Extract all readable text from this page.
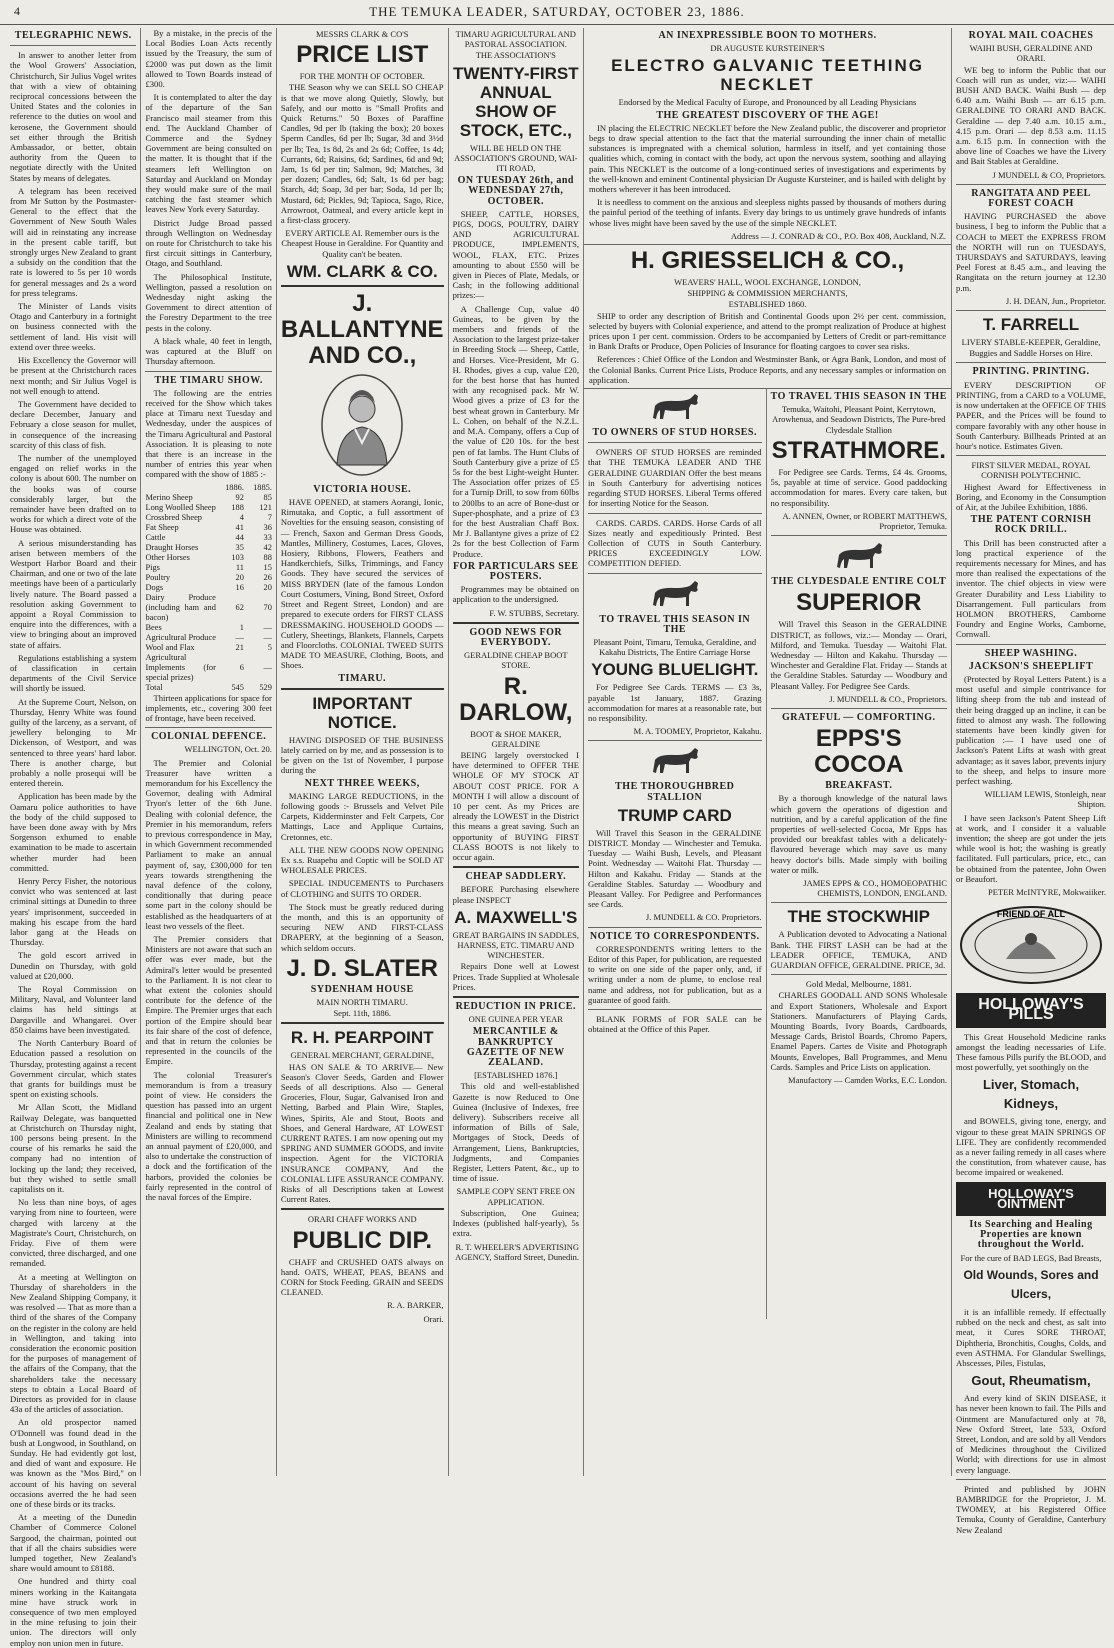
4	THE TEMUKA LEADER, SATURDAY, OCTOBER 23, 1886.
TELEGRAPHIC NEWS.

In answer to another letter from the Wool Growers' Association, Christchurch, Sir Julius Vogel writes that with a view of obtaining reciprocal concessions between the United States and the colonies in reference to the duties on wool and kerosene, the Government should set either through the British Ambassador, or better, obtain authority from the Queen to negotiate directly with the United States by means of delegates.

A telegram has been received from Mr Sutton by the Postmaster-General to the effect that the Government of New South Wales will aid in reinstating any increase in the present cable tariff, but strongly urges New Zealand to grant a subsidy on the condition that the rate is lowered to 5s per 10 words for general messages and 2s a word for press telegrams.

The Minister of Lands visits Otago and Canterbury in a fortnight on business connected with the settlement of land. His visit will extend over three weeks.

His Excellency the Governor will be present at the Christchurch races next month; and Sir Julius Vogel is not well enough to attend.

The Government have decided to declare December, January and February a close season for mullet, in consequence of the increasing scarcity of this class of fish.

The number of the unemployed engaged on relief works in the colony is about 600. The number on the books was of course considerably larger, but the remainder have been drafted on to works for which a direct vote of the House was obtained.

A serious misunderstanding has arisen between members of the Westport Harbor Board and their Chairman, and one or two of the late meetings have been of a particularly lively nature. The Board passed a resolution asking Government to appoint a Royal Commission to enquire into the differences, with a view to bringing about an improved state of affairs.

Regulations establishing a system of classification in certain departments of the Civil Service will shortly be issued.

At the Supreme Court, Nelson, on Thursday, Henry White was found guilty of the larceny, as a servant, of jewellery belonging to Mr Dickenson, of Westport, and was sentenced to three years' hard labor. There is another charge, but probably a nolle prosequi will be entered therein.

Application has been made by the Oamaru police authorities to have the body of the child supposed to have been done away with by Mrs Sorgenson exhumed to enable examination to be made to ascertain whether murder had been committed.

Henry Percy Fisher, the notorious convict who was sentenced at last criminal sittings at Dunedin to three years' imprisonment, succeeded in making his escape from the hard labor gang at the Heads on Thursday.

The gold escort arrived in Dunedin on Thursday, with gold valued at £20,000.

The Royal Commission on Military, Naval, and Volunteer land claims has held sittings at Dargaville and Whangarei. Over 850 claims have been investigated.

The North Canterbury Board of Education passed a resolution on Thursday, protesting against a recent Government circular, which states that grants for buildings must be spent on existing schools.

Mr Allan Scott, the Midland Railway Delegate, was banquetted at Christchurch on Thursday night, 100 persons being present. In the course of his remarks he said the company had no intention of locking up the land; they received, but they wished to settle small capitalists on it.

No less than nine boys, of ages varying from nine to fourteen, were charged with larceny at the Magistrate's Court, Christchurch, on Friday. Five of them were convicted, three discharged, and one remanded.

At a meeting at Wellington on Thursday of shareholders in the New Zealand Shipping Company, it was resolved — That as more than a third of the shares of the Company on the register in the colony are held in Wellington, and taking into consideration the economic position for the purposes of management of the affairs of the Company, that the shareholders take the necessary steps to obtain a Local Board of Directors as provided for in clause 43a of the articles of association.

An old prospector named O'Donnell was found dead in the bush at Longwood, in Southland, on Sunday. He had evidently got lost, and died of want and exposure. He was known as the "Mos Bird," on account of his having on several occasions averred the he had seen one of these birds or its tracks.

At a meeting of the Dunedin Chamber of Commerce Colonel Sargood, the chairman, pointed out that if all the chairs subsidies were lumped together, New Zealand's share would amount to £8188.

One hundred and thirty coal miners working in the Kaitangata mine have struck work in consequence of two men employed in the mine refusing to join their union. The directors will only employ non union men in future.

By a mistake, in the precis of the Local Bodies Loan Acts recently issued by the Treasury, the sum of £2000 was put down as the limit allowed to Town Boards instead of £300.

It is contemplated to alter the day of the departure of the San Francisco mail steamer from this end. The Auckland Chamber of Commerce and the Sydney Government are being consulted on the matter. It is thought that if the steamers left Wellington on Saturday and Auckland on Monday they would make sure of the mail catching the fast steamer which leaves New York every Saturday.

District Judge Broad passed through Wellington on Wednesday on route for Christchurch to take his first circuit sittings in Canterbury, Otago, and Southland.

The Philosophical Institute, Wellington, passed a resolution on Wednesday night asking the Government to direct attention of the Forestry Department to the tree pests in the colony.

A black whale, 40 feet in length, was captured at the Bluff on Thursday afternoon.

THE TIMARU SHOW.

The following are the entries received for the Show which takes place at Timaru next Tuesday and Wednesday, under the auspices of the Timaru Agricultural and Pastoral Association. It is pleasing to note that there is an increase in the number of entries this year when compared with the show of 1885 :-

	1886.	1885.
Merino Sheep	92	85
Long Woolled Sheep	188	121
Crossbred Sheep	4	7
Fat Sheep	41	36
Cattle	44	33
Draught Horses	35	42
Other Horses	103	88
Pigs	11	15
Poultry	20	26
Dogs	16	20
Dairy Produce (including ham and bacon)	62	70
Bees	1	—
Agricultural Produce	—	—
Wool and Flax	21	5
Agricultural Implements (for special prizes)	6	—
Total	545	529

Thirteen applications for space for implements, etc., covering 300 feet of frontage, have been received.

COLONIAL DEFENCE.
WELLINGTON, Oct. 20.

The Premier and Colonial Treasurer have written a memorandum for his Excellency the Governor, dealing with Admiral Tryon's letter of the 6th June. Dealing with colonial defence, the Premier in his memorandum, refers to previous correspondence in May, in which Government recommended Parliament to make an annual payment of, say, £300,000 for ten years towards strengthening the naval defence of the colony, conditionally that during peace some part in the colony should be established as the headquarters of at least two vessels of the fleet.

The Premier considers that Ministers are not aware that such an offer was ever made, but the Admiral's letter would be presented to the Parliament. It is not clear to what extent the colonies should contribute for the defence of the Empire. The Premier urges that each portion of the Empire should bear its fair share of the cost of defence, and that in return the colonies be represented in the councils of the Empire.

The colonial Treasurer's memorandum is from a treasury point of view. He considers the question has passed into an urgent financial and political one in New Zealand and ends by stating that Ministers are willing to recommend an annual payment of £20,000, and also to undertake the construction of a dock and the fortification of the harbors, provided the colonies be fairly represented in the control of the naval forces of the Empire.

MESSRS CLARK & CO'S
PRICE LIST
FOR THE MONTH OF OCTOBER.

THE Season why we can SELL SO CHEAP is that we move along Quietly, Slowly, but Safely, and our motto is "Small Profits and Quick Returns." 50 Boxes of Paraffine Candles, 9d per lb (taking the box); 20 boxes Sperm Candles, 6d per lb; Sugar, 3d and 3½d per lb; Tea, 1s 8d, 2s and 2s 6d; Coffee, 1s 4d; Currants, 6d; Raisins, 6d; Sardines, 6d and 9d; Jam, 1s 6d per tin; Salmon, 9d; Matches, 3d per dozen; Candles, 6d; Salt, 1s 6d per bag; Starch, 4d; Soap, 3d per bar; Soda, 1d per lb; Mustard, 6d; Pickles, 9d; Tapioca, Sago, Rice, Arrowroot, Oatmeal, and every article kept in a first-class grocery.

EVERY ARTICLE AI. Remember ours is the Cheapest House in Geraldine. For Quantity and Quality can't be beaten.
WM. CLARK & CO.
J. BALLANTYNE AND CO.,
VICTORIA HOUSE.

HAVE OPENED, at stamers Aorangi, Ionic, Rimutaka, and Coptic, a full assortment of Novelties for the ensuing season, consisting of — French, Saxon and German Dress Goods, Mantles, Millinery, Costumes, Laces, Gloves, Hosiery, Ribbons, Flowers, Feathers and Handkerchiefs, Silks, Trimmings, and Fancy Goods. They have secured the services of MISS BRYDEN (late of the famous London Court Costumers, Vining, Bond Street, Oxford Street and Regent Street, London) and are prepared to execute orders for FIRST CLASS DRESSMAKING. HOUSEHOLD GOODS — Cutlery, Sheetings, Blankets, Flannels, Carpets and Floorcloths. COLONIAL TWEED SUITS MADE TO MEASURE, Clothing, Boots, and Shoes.

TIMARU.
IMPORTANT NOTICE.

HAVING DISPOSED OF THE BUSINESS lately carried on by me, and as possession is to be given on the 1st of November, I purpose during the

NEXT THREE WEEKS,

MAKING LARGE REDUCTIONS, in the following goods :- Brussels and Velvet Pile Carpets, Kidderminster and Felt Carpets, Cor Mattings, Lace and Applique Curtains, Cretonnes, etc.

ALL THE NEW GOODS NOW OPENING Ex s.s. Ruapehu and Coptic will be SOLD AT WHOLESALE PRICES.

SPECIAL INDUCEMENTS to Purchasers of CLOTHING and SUITS TO ORDER.

The Stock must be greatly reduced during the month, and this is an opportunity of securing NEW AND FIRST-CLASS DRAPERY, at the beginning of a Season, which seldom occurs.

J. D. SLATER
SYDENHAM HOUSE
MAIN NORTH TIMARU.
Sept. 11th, 1886.
R. H. PEARPOINT
GENERAL MERCHANT, GERALDINE,

HAS ON SALE & TO ARRIVE— New Season's Clover Seeds, Garden and Flower Seeds of all descriptions. Also — General Groceries, Flour, Sugar, Galvanised Iron and Netting, Barbed and Plain Wire, Staples, Wines, Spirits, Ale and Stout, Boots and Shoes, and General Hardware, AT LOWEST CURRENT RATES. I am now opening out my SPRING AND SUMMER GOODS, and invite inspection. Agent for the VICTORIA INSURANCE COMPANY, And the COLONIAL LIFE ASSURANCE COMPANY. Risks of all Descriptions taken at Lowest Current Rates.

ORARI CHAFF WORKS AND
PUBLIC DIP.

CHAFF and CRUSHED OATS always on hand. OATS, WHEAT, PEAS, BEANS and CORN for Stock Feeding. GRAIN and SEEDS CLEANED.

R. A. BARKER,
Orari.
TIMARU AGRICULTURAL AND PASTORAL ASSOCIATION.
THE ASSOCIATION'S
TWENTY-FIRST ANNUAL SHOW OF STOCK, ETC.,
WILL BE HELD ON THE ASSOCIATION'S GROUND, WAI-ITI ROAD,
ON TUESDAY 26th, and WEDNESDAY 27th, OCTOBER.

SHEEP, CATTLE, HORSES, PIGS, DOGS, POULTRY, DAIRY AND AGRICULTURAL PRODUCE, IMPLEMENTS, WOOL, FLAX, ETC. Prizes amounting to about £550 will be given in Pieces of Plate, Medals, or Cash; in the following additional prizes:—

A Challenge Cup, value 40 Guineas, to be given by the members and friends of the Association to the largest prize-taker in Breeding Stock — Sheep, Cattle, and Horses. Vice-President, Mr G. H. Rhodes, gives a cup, value £20, for the best horse that has hunted with any recognised pack. Mr W. Wood gives a prize of £3 for the best wheat grown in Canterbury. Mr L. Cohen, on behalf of the N.Z.L. and M.A. Company, offers a Cup of the value of £20 10s. for the best pen of fat lambs. The Hunt Clubs of South Canterbury give a prize of £5 5s for the best Light-weight Hunter. The Association offer prizes of £5 for a Turnip Drill, to sow from 60lbs to 200lbs to an acre of Bone-dust or Super-phosphate, and a prize of £3 for the best Australian Chaff Box. Mr J. Ballantyne gives a prize of £2 2s for the best Collection of Farm Produce.

FOR PARTICULARS SEE POSTERS.

Programmes may be obtained on application to the undersigned.

F. W. STUBBS, Secretary.
GOOD NEWS FOR EVERYBODY.
GERALDINE CHEAP BOOT STORE.
R. DARLOW,
BOOT & SHOE MAKER, GERALDINE

BEING largely overstocked I have determined to OFFER THE WHOLE OF MY STOCK AT ABOUT COST PRICE. FOR A MONTH I will allow a discount of 10 per cent. As my Prices are already the LOWEST in the District this means a great saving. Such an opportunity of BUYING FIRST CLASS BOOTS is not likely to occur again.

CHEAP SADDLERY.

BEFORE Purchasing elsewhere please INSPECT

A. MAXWELL'S
GREAT BARGAINS IN SADDLES, HARNESS, ETC. TIMARU AND WINCHESTER.

Repairs Done well at Lowest Prices. Trade Supplied at Wholesale Prices.

REDUCTION IN PRICE.
ONE GUINEA PER YEAR
MERCANTILE & BANKRUPTCY GAZETTE OF NEW ZEALAND.
[ESTABLISHED 1876.]

This old and well-established Gazette is now Reduced to One Guinea (Inclusive of Indexes, free delivery). Subscribers receive all information of Bills of Sale, Mortgages of Stock, Deeds of Arrangement, Liens, Bankruptcies, Judgments, and Companies Register, Letters Patent, &c., up to time of issue.

SAMPLE COPY SENT FREE ON APPLICATION.

Subscription, One Guinea; Indexes (published half-yearly), 5s extra.

R. T. WHEELER'S ADVERTISING AGENCY, Stafford Street, Dunedin.
AN INEXPRESSIBLE BOON TO MOTHERS.
DR AUGUSTE KURSTEINER'S
ELECTRO GALVANIC TEETHING NECKLET
Endorsed by the Medical Faculty of Europe, and Pronounced by all Leading Physicians
THE GREATEST DISCOVERY OF THE AGE!

IN placing the ELECTRIC NECKLET before the New Zealand public, the discoverer and proprietor begs to draw special attention to the fact that the material surrounding the inner chain of metallic substances is impregnated with a chemical solution, harmless in itself, and yet containing those qualities which, coming in contact with the body, act upon the nervous system, soothing and allaying pain. This NECKLET is the outcome of a long-continued series of investigations and experiments by the well-known and eminent Continental physician Dr Auguste Kursteiner, and is hailed with delight by mothers wherever it has been introduced.

It is needless to comment on the anxious and sleepless nights passed by thousands of mothers during the painful period of the teething of infants. Every day brings to us untimely grave hundreds of infants whose lives might have been saved by the use of the simple NECKLET.

Address — J. CONRAD & CO., P.O. Box 408, Auckland, N.Z.
H. GRIESSELICH & CO.,
WEAVERS' HALL, WOOL EXCHANGE, LONDON,
SHIPPING & COMMISSION MERCHANTS,
ESTABLISHED 1860.

SHIP to order any description of British and Continental Goods upon 2½ per cent. commission, selected by buyers with Colonial experience, and attend to the prompt realization of Produce at highest prices upon 1 per cent. commission. Orders to be accompanied by Letters of Credit or part-remittance in Bank Drafts or Produce, Open Policies of Insurance for floating cargoes to cover sea risks.

References : Chief Office of the London and Westminster Bank, or Agra Bank, London, and most of the Colonial Banks. Current Price Lists, Produce Reports, and any necessary samples or information on application.

TO OWNERS OF STUD HORSES.

OWNERS OF STUD HORSES are reminded that THE TEMUKA LEADER AND THE GERALDINE GUARDIAN Offer the best means in South Canterbury for advertising notices regarding STUD HORSES. Liberal Terms offered for inserting Notice for the Season.

CARDS. CARDS. CARDS. Horse Cards of all Sizes neatly and expeditiously Printed. Best Collection of CUTS in South Canterbury. PRICES EXCEEDINGLY LOW. COMPETITION DEFIED.

TO TRAVEL THIS SEASON IN THE
Pleasant Point, Timaru, Temuka, Geraldine, and Kakahu Districts, The Entire Carriage Horse
YOUNG BLUELIGHT.

For Pedigree See Cards. TERMS — £3 3s, payable 1st January, 1887. Grazing accommodation for mares at a reasonable rate, but no responsibility.

M. A. TOOMEY, Proprietor, Kakahu.
THE THOROUGHBRED STALLION
TRUMP CARD

Will Travel this Season in the GERALDINE DISTRICT. Monday — Winchester and Temuka. Tuesday — Waihi Bush, Levels, and Pleasant Point. Wednesday — Waitohi Flat. Thursday — Hilton and Kakahu. Friday — Stands at the Geraldine Stables. Saturday — Woodbury and Pleasant Valley. For Pedigree and Performances see Cards.

J. MUNDELL & CO. Proprietors.
NOTICE TO CORRESPONDENTS.

CORRESPONDENTS writing letters to the Editor of this Paper, for publication, are requested to write on one side of the paper only, and, if writing under a nom de plume, to enclose real name and address, not for publication, but as a guarantee of good faith.

BLANK FORMS of FOR SALE can be obtained at the Office of this Paper.

TO TRAVEL THIS SEASON IN THE
Temuka, Waitohi, Pleasant Point, Kerrytown, Arowhenua, and Seadown Districts, The Pure-bred Clydesdale Stallion
STRATHMORE.

For Pedigree see Cards. Terms, £4 4s. Grooms, 5s, payable at time of service. Good paddocking accommodation for mares. Every care taken, but no responsibility.

A. ANNEN, Owner, or ROBERT MATTHEWS, Proprietor, Temuka.
THE CLYDESDALE ENTIRE COLT
SUPERIOR

Will Travel this Season in the GERALDINE DISTRICT, as follows, viz.:— Monday — Orari, Milford, and Temuka. Tuesday — Waitohi Flat. Wednesday — Hilton and Kakahu. Thursday — Winchester and Geraldine Flat. Friday — Stands at the Geraldine Stables. Saturday — Woodbury and Pleasant Valley. For Pedigree See Cards.

J. MUNDELL & CO., Proprietors.
GRATEFUL — COMFORTING.
EPPS'S COCOA
BREAKFAST.

By a thorough knowledge of the natural laws which govern the operations of digestion and nutrition, and by a careful application of the fine properties of well-selected Cocoa, Mr Epps has provided our breakfast tables with a delicately-flavoured beverage which may save us many heavy doctor's bills. Made simply with boiling water or milk.

JAMES EPPS & CO., HOMOEOPATHIC CHEMISTS, LONDON, ENGLAND.
THE STOCKWHIP

A Publication devoted to Advocating a National Bank. THE FIRST LASH can be had at the LEADER OFFICE, TEMUKA, AND GUARDIAN OFFICE, GERALDINE. PRICE, 3d.

Gold Medal, Melbourne, 1881.

CHARLES GOODALL AND SONS Wholesale and Export Stationers, Wholesale and Export Stationers. Manufacturers of Playing Cards, Mounting Boards, Ivory Boards, Cardboards, Message Cards, Bristol Boards, Chromo Papers, Enamel Papers. Cartes de Visite and Photograph Mounts, Envelopes, Ball Programmes, and Menu Cards. Samples and Price Lists on application.

Manufactory — Camden Works, E.C. London.
ROYAL MAIL COACHES
WAIHI BUSH, GERALDINE AND ORARI.

WE beg to inform the Public that our Coach will run as under, viz:— WAIHI BUSH AND BACK. Waihi Bush — dep 6.40 a.m. Waihi Bush — arr 6.15 p.m. GERALDINE TO ORARI AND BACK. Geraldine — dep 7.40 a.m. 10.15 a.m., 4.15 p.m. Orari — dep 8.53 a.m. 11.15 a.m. 6.15 p.m. In connection with the above line of Coaches we have the Livery and Bait Stables at Geraldine.

J MUNDELL & CO, Proprietors.
RANGITATA AND PEEL FOREST COACH

HAVING PURCHASED the above business, I beg to inform the Public that a COACH to MEET the EXPRESS FROM the NORTH will run on TUESDAYS, THURSDAYS and SATURDAYS, leaving Peel Forest at 8.45 a.m., and leaving the Rangitata on the return journey at 12.30 p.m.

J. H. DEAN, Jun., Proprietor.
T. FARRELL
LIVERY STABLE-KEEPER, Geraldine,
Buggies and Saddle Horses on Hire.
PRINTING. PRINTING.

EVERY DESCRIPTION OF PRINTING, from a CARD to a VOLUME, is now undertaken at the OFFICE OF THIS PAPER, and the Prices will be found to compare favorably with any other house in South Canterbury. Billheads Printed at an hour's notice. Estimates Given.

FIRST SILVER MEDAL, ROYAL CORNISH POLYTECHNIC.

Highest Award for Effectiveness in Boring, and Economy in the Consumption of Air, at the Jubilee Exhibition, 1886.

THE PATENT CORNISH ROCK DRILL.

This Drill has been constructed after a long practical experience of the requirements necessary for Mines, and has more than realised the expectations of the inventor. The chief objects in view were Greater Durability and Less Liability to Disarrangement. Full particulars from HOLMON BROTHERS, Camborne Foundry and Engine Works, Camborne, Cornwall.

SHEEP WASHING.
JACKSON'S SHEEPLIFT

(Protected by Royal Letters Patent.) is a most useful and simple contrivance for lifting sheep from the tub and instead of their being dragged up an incline, it can be fitted to almost any wash. The following statements have been kindly given for publication :— I have used one of Jackson's Patent Lifts at wash with great advantage; as it saves labor, prevents injury to the sheep, and helps to insure more perfect washing.

WILLIAM LEWIS, Stonleigh, near Shipton.

I have seen Jackson's Patent Sheep Lift at work, and I consider it a valuable invention; the sheep are got under the jets while wool is hot; the washing is greatly facilitated. Full particulars, price, etc., can be obtained from the patentee, John Owen or Beaufort.

PETER McINTYRE, Mokwaiiker.
FRIEND OF ALL
HOLLOWAY'S PILLS

This Great Household Medicine ranks amongst the leading necessaries of Life. These famous Pills purify the BLOOD, and most powerfully, yet soothingly on the

Liver, Stomach, Kidneys,

and BOWELS, giving tone, energy, and vigour to these great MAIN SPRINGS OF LIFE. They are confidently recommended as a never failing remedy in all cases where the constitution, from whatever cause, has become impaired or weakened.

HOLLOWAY'S OINTMENT
Its Searching and Healing Properties are known throughout the World.
For the cure of BAD LEGS, Bad Breasts,
Old Wounds, Sores and Ulcers,

it is an infallible remedy. If effectually rubbed on the neck and chest, as salt into meat, it Cures SORE THROAT, Diphtheria, Bronchitis, Coughs, Colds, and even ASTHMA. For Glandular Swellings, Abscesses, Piles, Fistulas,

Gout, Rheumatism,

And every kind of SKIN DISEASE, it has never been known to fail. The Pills and Ointment are Manufactured only at 78, New Oxford Street, late 533, Oxford Street, London, and are sold by all Vendors of Medicines throughout the Civilized World; with directions for use in almost every language.

Printed and published by JOHN BAMBRIDGE for the Proprietor, J. M. TWOMEY, at his Registered Office Temuka, County of Geraldine, Canterbury New Zealand
